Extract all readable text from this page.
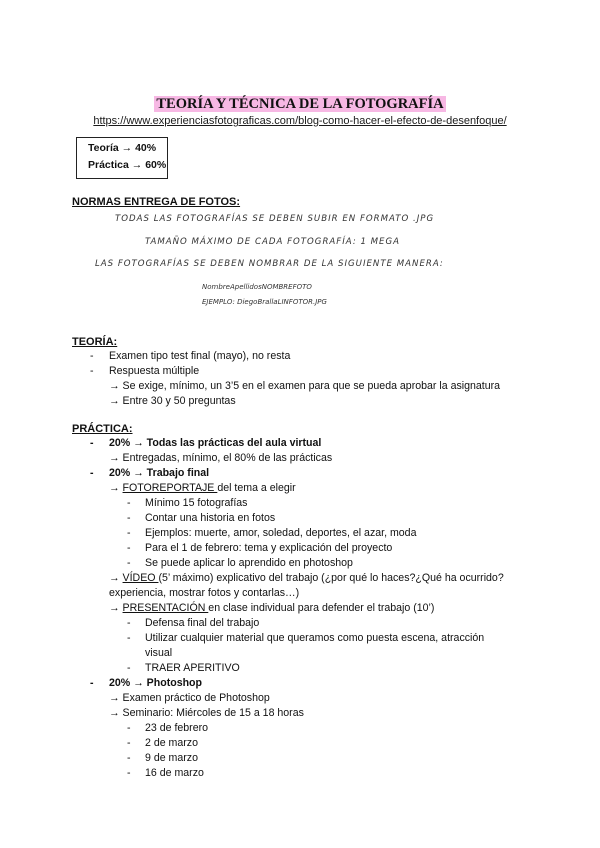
TEORÍA Y TÉCNICA DE LA FOTOGRAFÍA
https://www.experienciasfotograficas.com/blog-como-hacer-el-efecto-de-desenfoque/
Teoría → 40%
Práctica → 60%
NORMAS ENTREGA DE FOTOS:
TODAS LAS FOTOGRAFÍAS SE DEBEN SUBIR EN FORMATO .JPG
TAMAÑO MÁXIMO DE CADA FOTOGRAFÍA: 1 MEGA
LAS FOTOGRAFÍAS SE DEBEN NOMBRAR DE LA SIGUIENTE MANERA:
NombreApellidosNOMBREFOTO
EJEMPLO: DiegoBrallaLINFOTOR.JPG
TEORÍA:
- Examen tipo test final (mayo), no resta
- Respuesta múltiple
→ Se exige, mínimo, un 3’5 en el examen para que se pueda aprobar la asignatura
→ Entre 30 y 50 preguntas
PRÁCTICA:
- 20% → Todas las prácticas del aula virtual
→ Entregadas, mínimo, el 80% de las prácticas
- 20% → Trabajo final
→ FOTOREPORTAJE del tema a elegir
- Mínimo 15 fotografías
- Contar una historia en fotos
- Ejemplos: muerte, amor, soledad, deportes, el azar, moda
- Para el 1 de febrero: tema y explicación del proyecto
- Se puede aplicar lo aprendido en photoshop
→ VÍDEO (5’ máximo) explicativo del trabajo (¿por qué lo haces?¿Qué ha ocurrido?
experiencia, mostrar fotos y contarlas…)
→ PRESENTACIÓN en clase individual para defender el trabajo (10’)
- Defensa final del trabajo
- Utilizar cualquier material que queramos como puesta escena, atracción
visual
- TRAER APERITIVO
- 20% → Photoshop
→ Examen práctico de Photoshop
→ Seminario: Miércoles de 15 a 18 horas
- 23 de febrero
- 2 de marzo
- 9 de marzo
- 16 de marzo
